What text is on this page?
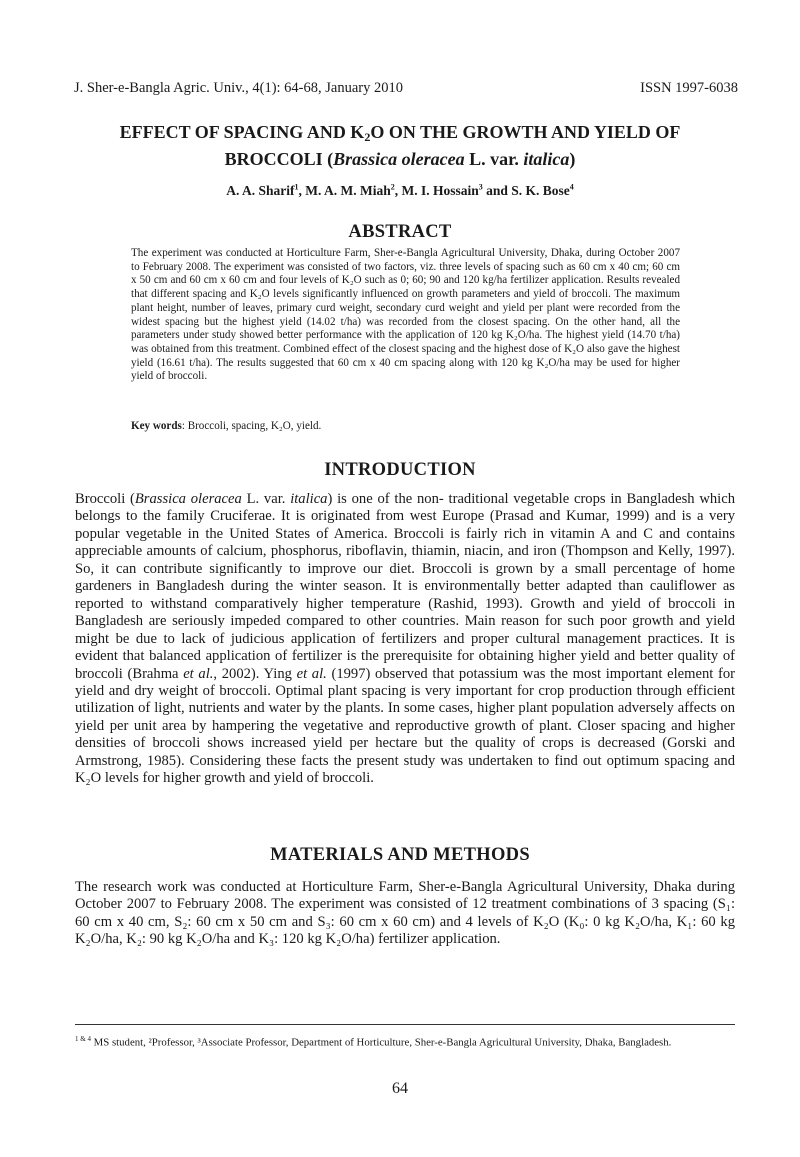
J. Sher-e-Bangla Agric. Univ., 4(1): 64-68, January 2010	ISSN 1997-6038
EFFECT OF SPACING AND $K_2O$ ON THE GROWTH AND YIELD OF
BROCCOLI (Brassica oleracea L. var. italica)
A. A. Sharif$^1$, M. A. M. Miah$^2$, M. I. Hossain$^3$ and S. K. Bose$^4$
ABSTRACT
The experiment was conducted at Horticulture Farm, Sher-e-Bangla Agricultural University, Dhaka, during October 2007 to February 2008. The experiment was consisted of two factors, viz. three levels of spacing such as 60 cm x 40 cm; 60 cm x 50 cm and 60 cm x 60 cm and four levels of K₂O such as 0; 60; 90 and 120 kg/ha fertilizer application. Results revealed that different spacing and K₂O levels significantly influenced on growth parameters and yield of broccoli. The maximum plant height, number of leaves, primary curd weight, secondary curd weight and yield per plant were recorded from the widest spacing but the highest yield (14.02 t/ha) was recorded from the closest spacing. On the other hand, all the parameters under study showed better performance with the application of 120 kg K₂O/ha. The highest yield (14.70 t/ha) was obtained from this treatment. Combined effect of the closest spacing and the highest dose of K₂O also gave the highest yield (16.61 t/ha). The results suggested that 60 cm x 40 cm spacing along with 120 kg K₂O/ha may be used for higher yield of broccoli.
Key words: Broccoli, spacing, K₂O, yield.
INTRODUCTION
Broccoli (Brassica oleracea L. var. italica) is one of the non- traditional vegetable crops in Bangladesh which belongs to the family Cruciferae. It is originated from west Europe (Prasad and Kumar, 1999) and is a very popular vegetable in the United States of America. Broccoli is fairly rich in vitamin A and C and contains appreciable amounts of calcium, phosphorus, riboflavin, thiamin, niacin, and iron (Thompson and Kelly, 1997). So, it can contribute significantly to improve our diet. Broccoli is grown by a small percentage of home gardeners in Bangladesh during the winter season. It is environmentally better adapted than cauliflower as reported to withstand comparatively higher temperature (Rashid, 1993). Growth and yield of broccoli in Bangladesh are seriously impeded compared to other countries. Main reason for such poor growth and yield might be due to lack of judicious application of fertilizers and proper cultural management practices. It is evident that balanced application of fertilizer is the prerequisite for obtaining higher yield and better quality of broccoli (Brahma et al., 2002). Ying et al. (1997) observed that potassium was the most important element for yield and dry weight of broccoli. Optimal plant spacing is very important for crop production through efficient utilization of light, nutrients and water by the plants. In some cases, higher plant population adversely affects on yield per unit area by hampering the vegetative and reproductive growth of plant. Closer spacing and higher densities of broccoli shows increased yield per hectare but the quality of crops is decreased (Gorski and Armstrong, 1985). Considering these facts the present study was undertaken to find out optimum spacing and K₂O levels for higher growth and yield of broccoli.
MATERIALS AND METHODS
The research work was conducted at Horticulture Farm, Sher-e-Bangla Agricultural University, Dhaka during October 2007 to February 2008. The experiment was consisted of 12 treatment combinations of 3 spacing (S₁: 60 cm x 40 cm, S₂: 60 cm x 50 cm and S₃: 60 cm x 60 cm) and 4 levels of K₂O (K₀: 0 kg K₂O/ha, K₁: 60 kg K₂O/ha, K₂: 90 kg K₂O/ha and K₃: 120 kg K₂O/ha) fertilizer application.
$^{1 \& 4}$ MS student, ²Professor, ³Associate Professor, Department of Horticulture, Sher-e-Bangla Agricultural University, Dhaka, Bangladesh.
64
